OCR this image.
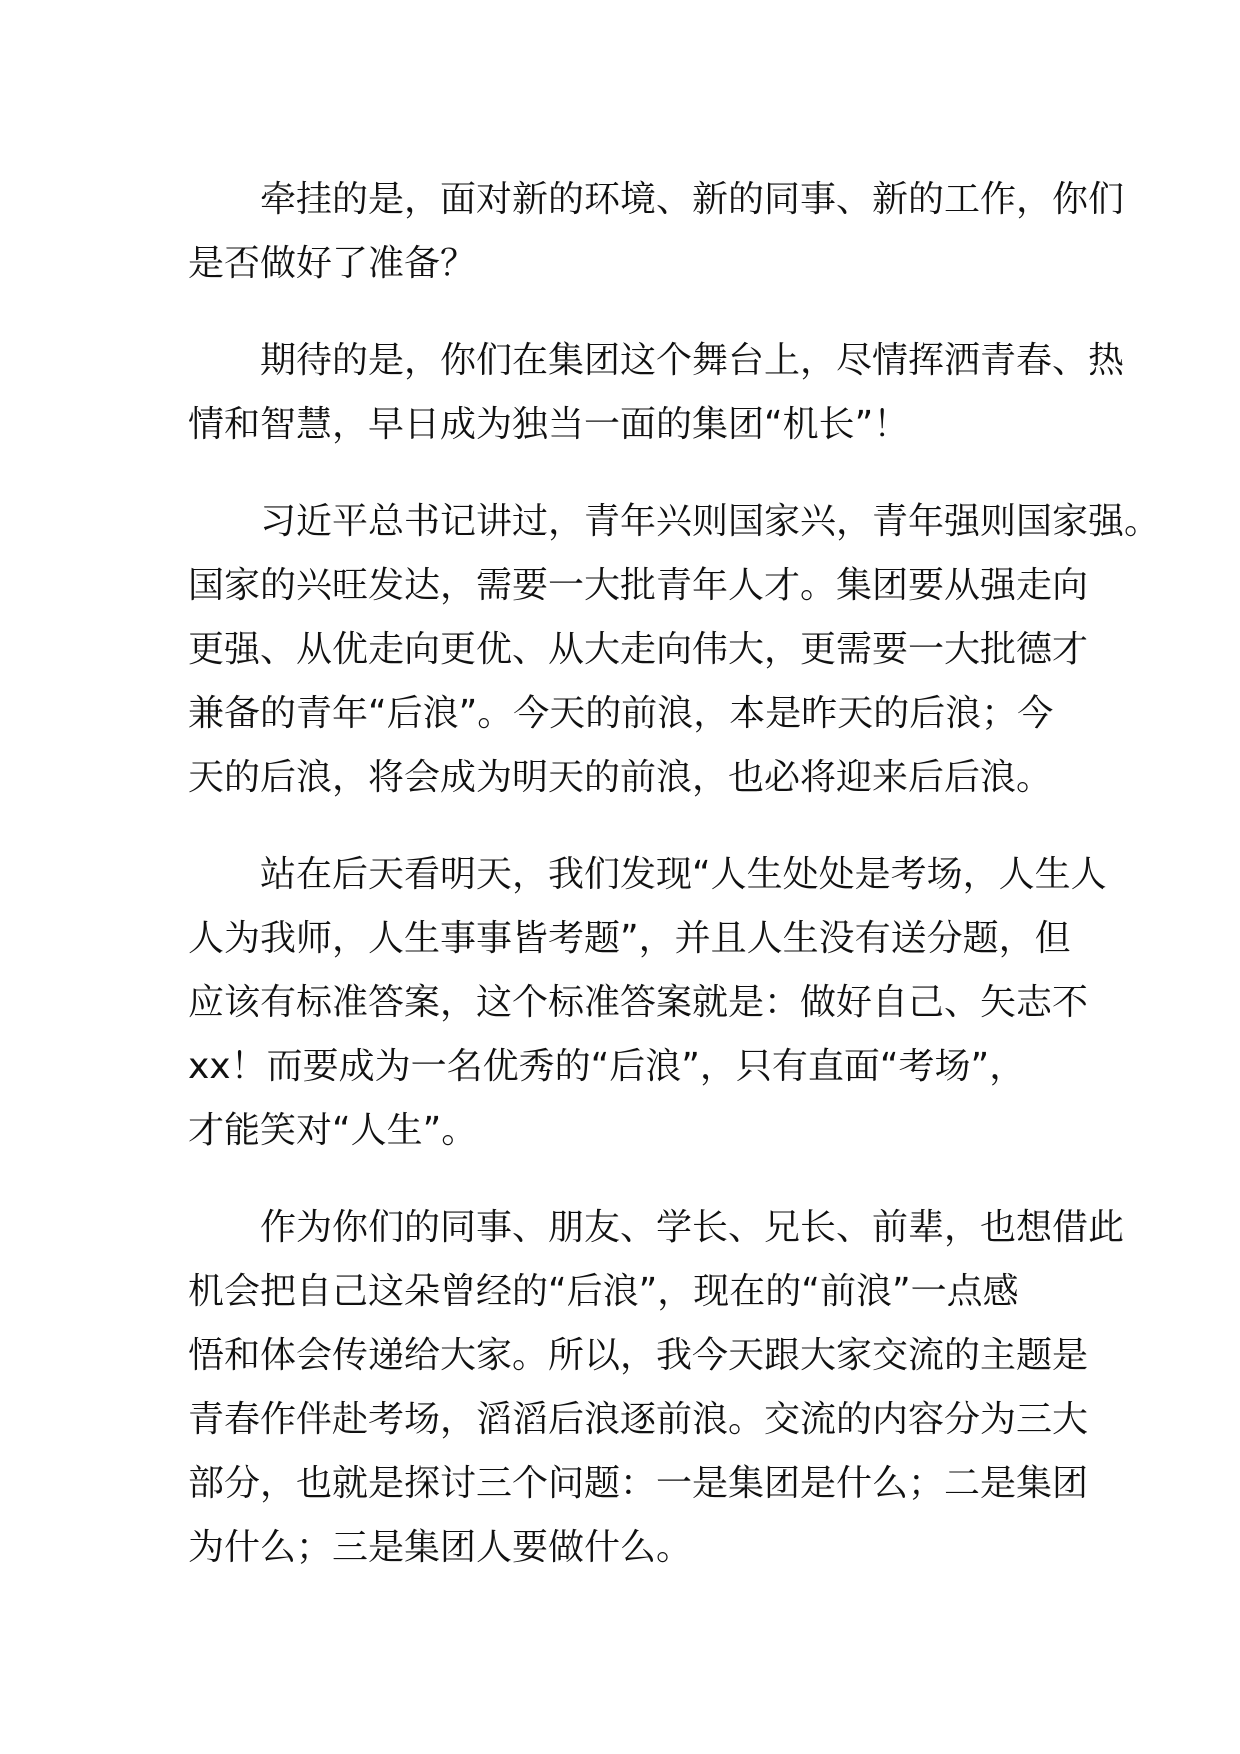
牵挂的是，面对新的环境、新的同事、新的工作，你们
是否做好了准备？

期待的是，你们在集团这个舞台上，尽情挥洒青春、热
情和智慧，早日成为独当一面的集团“机长”！

习近平总书记讲过，青年兴则国家兴，青年强则国家强。
国家的兴旺发达，需要一大批青年人才。集团要从强走向
更强、从优走向更优、从大走向伟大，更需要一大批德才
兼备的青年“后浪”。今天的前浪，本是昨天的后浪；今
天的后浪，将会成为明天的前浪，也必将迎来后后浪。

站在后天看明天，我们发现“人生处处是考场，人生人
人为我师，人生事事皆考题”，并且人生没有送分题，但
应该有标准答案，这个标准答案就是：做好自己、矢志不
xx！而要成为一名优秀的“后浪”，只有直面“考场”，
才能笑对“人生”。

作为你们的同事、朋友、学长、兄长、前辈，也想借此
机会把自己这朵曾经的“后浪”，现在的“前浪”一点感
悟和体会传递给大家。所以，我今天跟大家交流的主题是
青春作伴赴考场，滔滔后浪逐前浪。交流的内容分为三大
部分，也就是探讨三个问题：一是集团是什么；二是集团
为什么；三是集团人要做什么。
